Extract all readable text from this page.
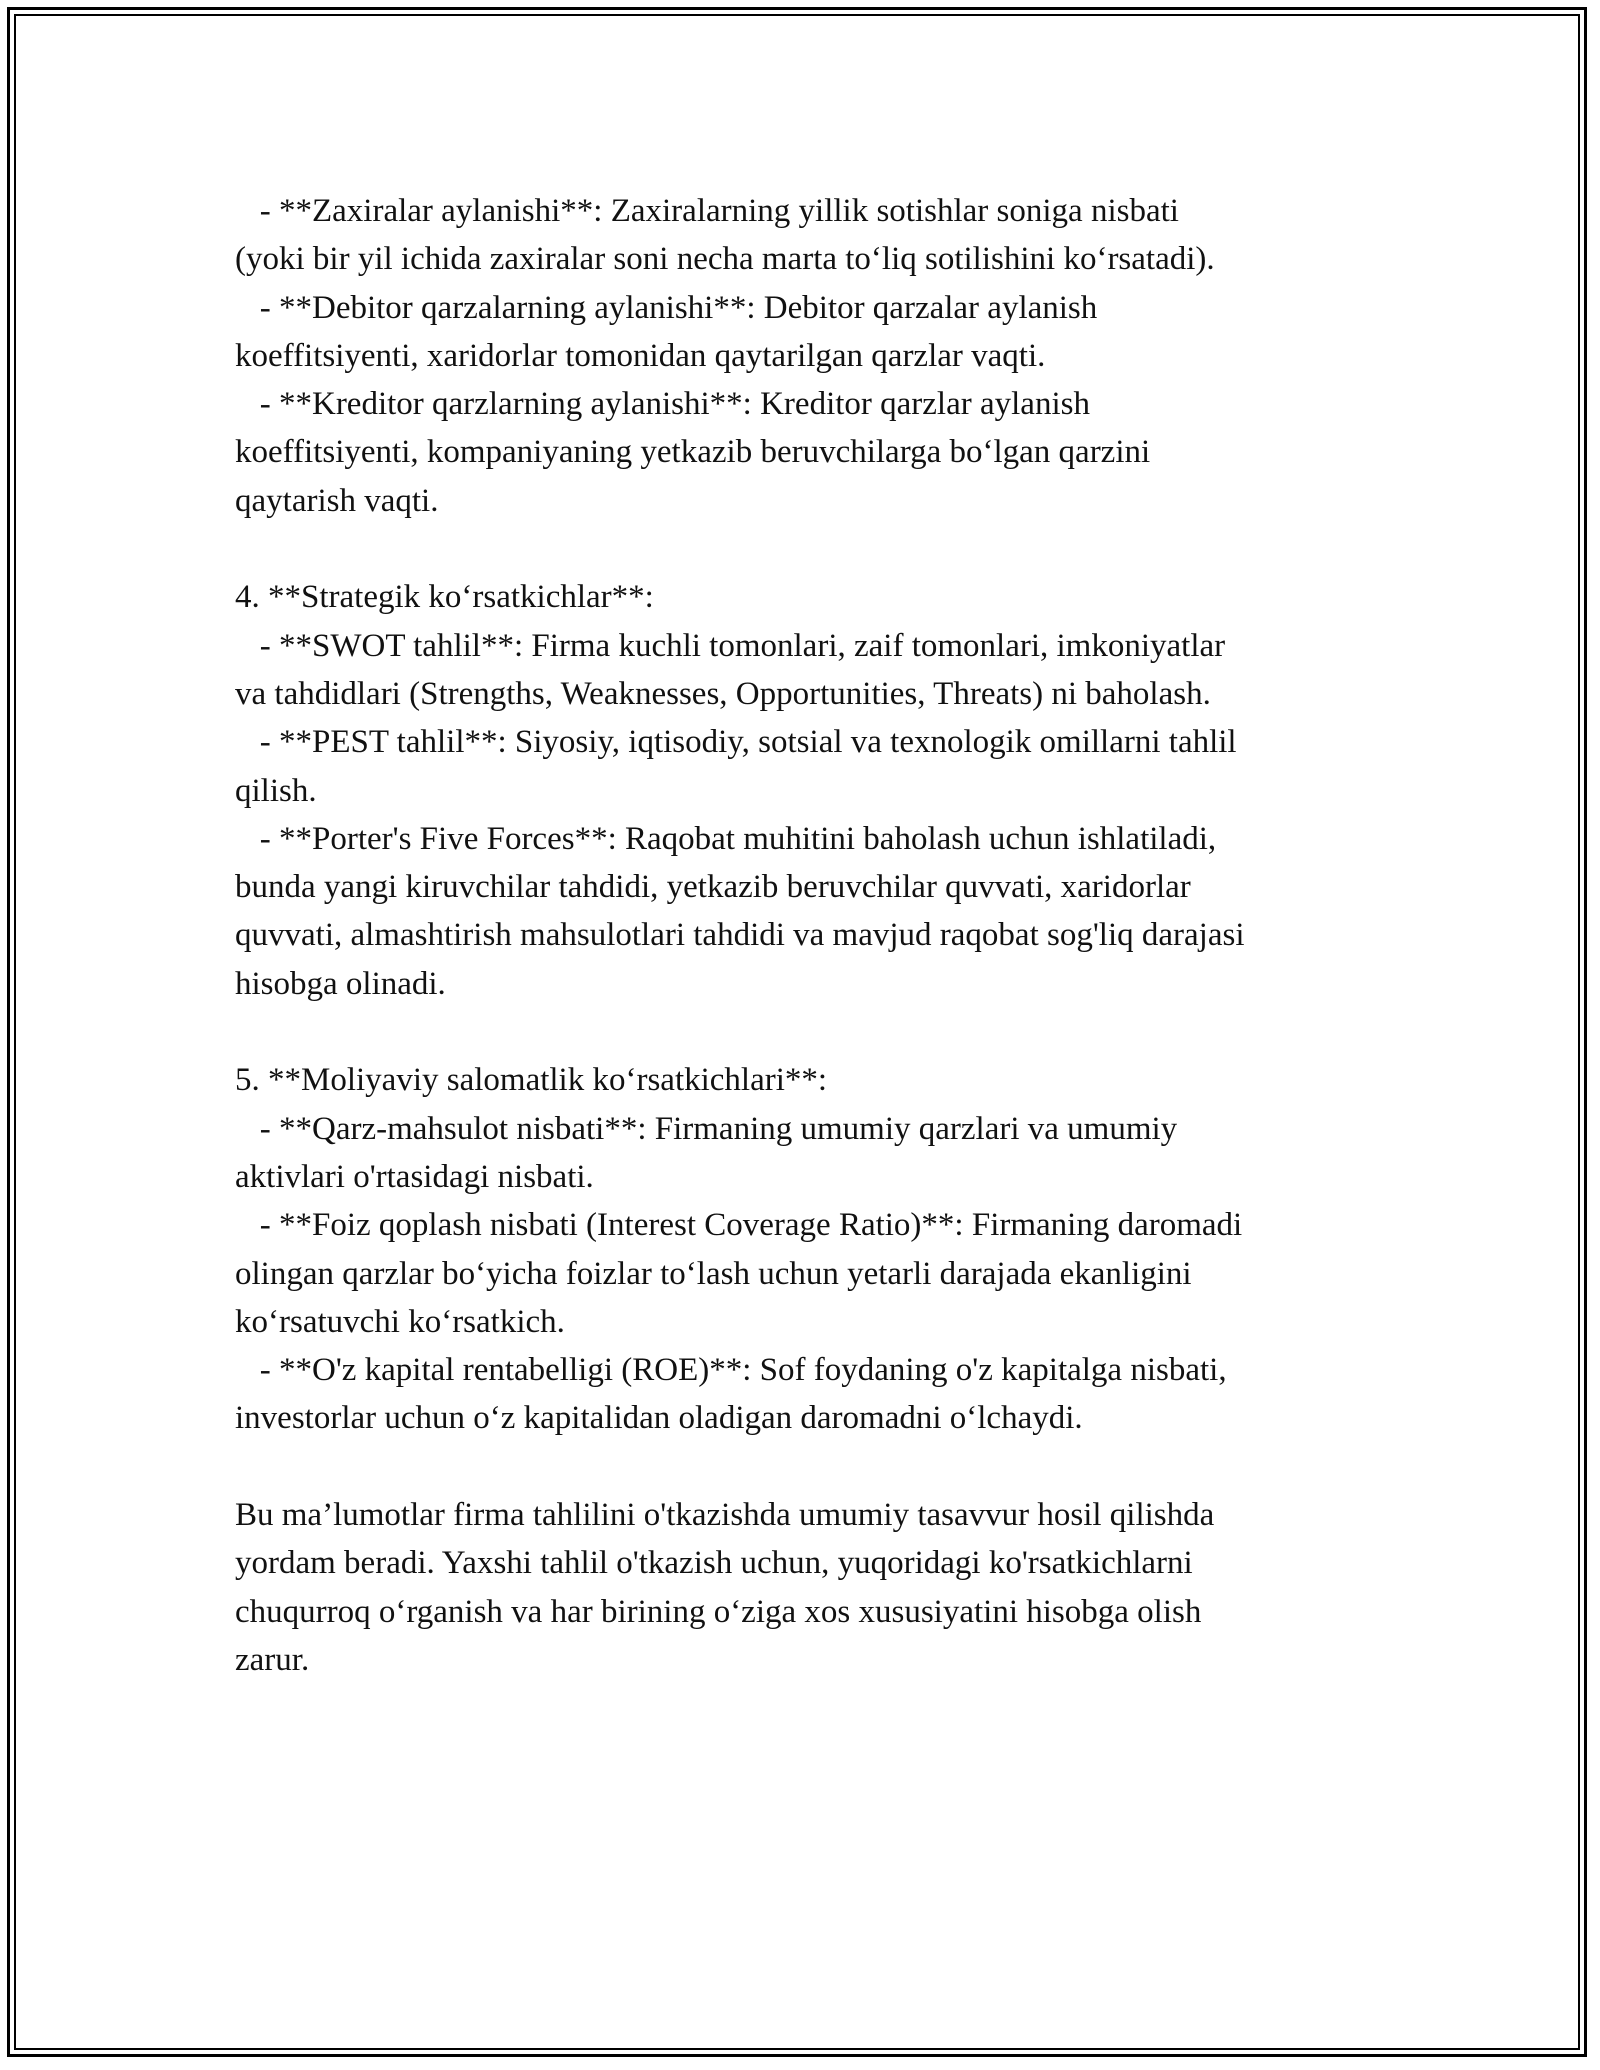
- **Zaxiralar aylanishi**: Zaxiralarning yillik sotishlar soniga nisbati
(yoki bir yil ichida zaxiralar soni necha marta to‘liq sotilishini ko‘rsatadi).
- **Debitor qarzalarning aylanishi**: Debitor qarzalar aylanish
koeffitsiyenti, xaridorlar tomonidan qaytarilgan qarzlar vaqti.
- **Kreditor qarzlarning aylanishi**: Kreditor qarzlar aylanish
koeffitsiyenti, kompaniyaning yetkazib beruvchilarga bo‘lgan qarzini
qaytarish vaqti.
4. **Strategik ko‘rsatkichlar**:
- **SWOT tahlil**: Firma kuchli tomonlari, zaif tomonlari, imkoniyatlar
va tahdidlari (Strengths, Weaknesses, Opportunities, Threats) ni baholash.
- **PEST tahlil**: Siyosiy, iqtisodiy, sotsial va texnologik omillarni tahlil
qilish.
- **Porter's Five Forces**: Raqobat muhitini baholash uchun ishlatiladi,
bunda yangi kiruvchilar tahdidi, yetkazib beruvchilar quvvati, xaridorlar
quvvati, almashtirish mahsulotlari tahdidi va mavjud raqobat sog'liq darajasi
hisobga olinadi.
5. **Moliyaviy salomatlik ko‘rsatkichlari**:
- **Qarz-mahsulot nisbati**: Firmaning umumiy qarzlari va umumiy
aktivlari o'rtasidagi nisbati.
- **Foiz qoplash nisbati (Interest Coverage Ratio)**: Firmaning daromadi
olingan qarzlar bo‘yicha foizlar to‘lash uchun yetarli darajada ekanligini
ko‘rsatuvchi ko‘rsatkich.
- **O'z kapital rentabelligi (ROE)**: Sof foydaning o'z kapitalga nisbati,
investorlar uchun o‘z kapitalidan oladigan daromadni o‘lchaydi.
Bu ma’lumotlar firma tahlilini o'tkazishda umumiy tasavvur hosil qilishda
yordam beradi. Yaxshi tahlil o'tkazish uchun, yuqoridagi ko'rsatkichlarni
chuqurroq o‘rganish va har birining o‘ziga xos xususiyatini hisobga olish
zarur.
